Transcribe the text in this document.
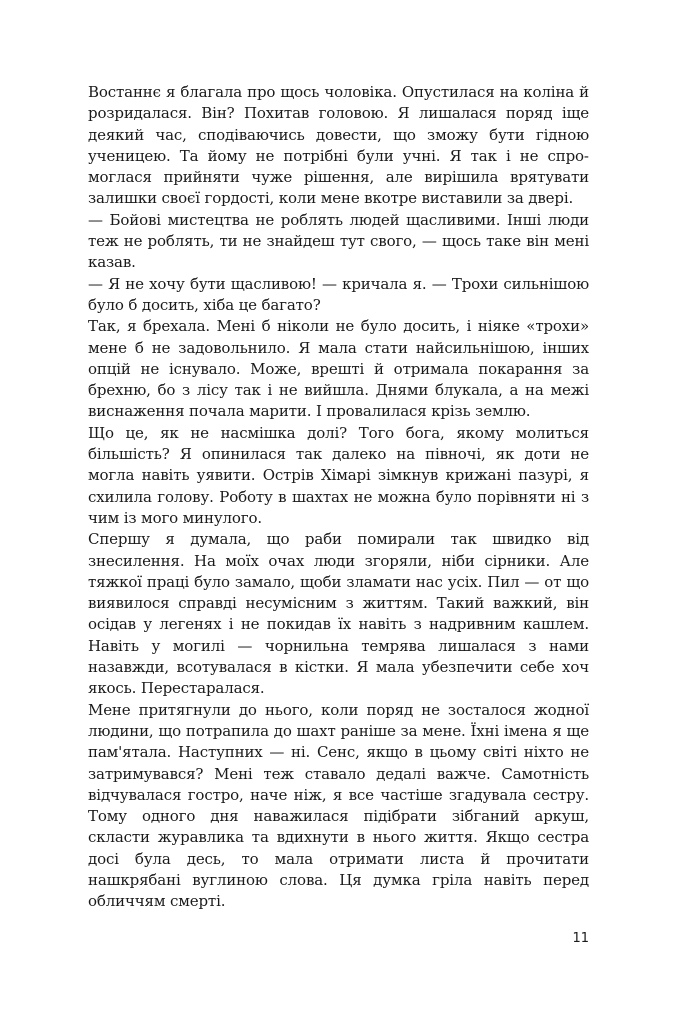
Востаннє я благала про щось чоловіка. Опустилася на коліна й розридалася. Він? Похитав головою. Я лишалася поряд іще деякий час, сподіваючись довести, що зможу бути гідною ученицею. Та йому не потрібні були учні. Я так і не спромоглася прийняти чуже рішення, але вирішила врятувати залишки своєї гордості, коли мене вкотре виставили за двері.

— Бойові мистецтва не роблять людей щасливими. Інші люди теж не роблять, ти не знайдеш тут свого, — щось таке він мені казав.

— Я не хочу бути щасливою! — кричала я. — Трохи сильнішою було б досить, хіба це багато?

Так, я брехала. Мені б ніколи не було досить, і ніяке «трохи» мене б не задовольнило. Я мала стати найсильнішою, інших опцій не існувало. Може, врешті й отримала покарання за брехню, бо з лісу так і не вийшла. Днями блукала, а на межі виснаження почала марити. І провалилася крізь землю.

Що це, як не насмішка долі? Того бога, якому молиться більшість? Я опинилася так далеко на півночі, як доти не могла навіть уявити. Острів Хімарі зімкнув крижані пазурі, я схилила голову. Роботу в шахтах не можна було порівняти ні з чим із мого минулого.

Спершу я думала, що раби помирали так швидко від знесилення. На моїх очах люди згоряли, ніби сірники. Але тяжкої праці було замало, щоби зламати нас усіх. Пил — от що виявилося справді несумісним з життям. Такий важкий, він осідав у легенях і не покидав їх навіть з надривним кашлем. Навіть у могилі — чорнильна темрява лишалася з нами назавжди, всотувалася в кістки. Я мала убезпечити себе хоч якось. Перестаралася.

Мене притягнули до нього, коли поряд не зосталося жодної людини, що потрапила до шахт раніше за мене. Їхні імена я ще пам'ятала. Наступних — ні. Сенс, якщо в цьому світі ніхто не затримувався? Мені теж ставало дедалі важче. Самотність відчувалася гостро, наче ніж, я все частіше згадувала сестру. Тому одного дня наважилася підібрати зібганий аркуш, скласти журавлика та вдихнути в нього життя. Якщо сестра досі була десь, то мала отримати листа й прочитати нашкрябані вуглиною слова. Ця думка гріла навіть перед обличчям смерті.

11
